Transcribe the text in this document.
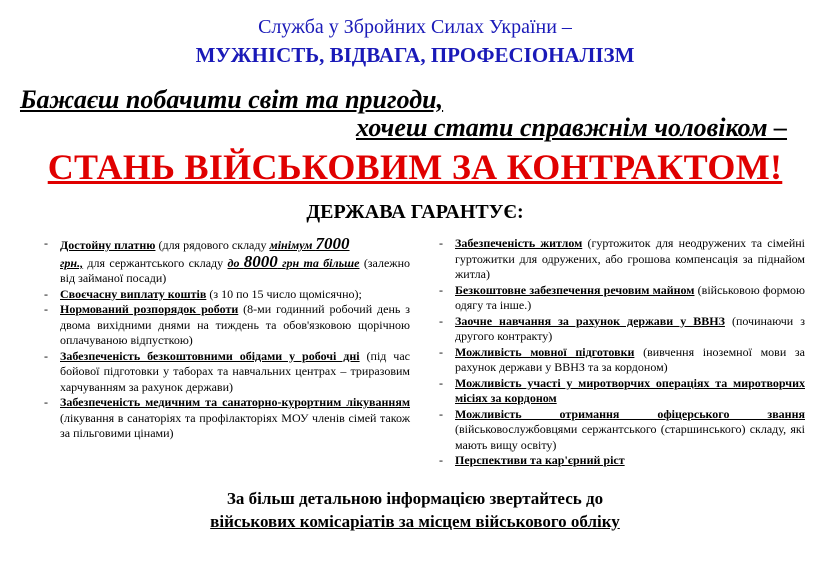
Служба у Збройних Силах України –
МУЖНІСТЬ, ВІДВАГА, ПРОФЕСІОНАЛІЗМ
Бажаєш побачити світ та пригоди,
хочеш стати справжнім чоловіком –
СТАНЬ ВІЙСЬКОВИМ ЗА КОНТРАКТОМ!
ДЕРЖАВА ГАРАНТУЄ:
- Достойну платню (для рядового складу мінімум 7000
грн., для сержантського складу до 8000 грн та більше (залежно від займаної посади)
- Своєчасну виплату коштів (з 10 по 15 число щомісячно);
- Нормований розпорядок роботи (8-ми годинний робочий день з двома вихідними днями на тиждень та обов'язковою щорічною оплачуваною відпусткою)
- Забезпеченість безкоштовними обідами у робочі дні (під час бойової підготовки у таборах та навчальних центрах – триразовим харчуванням за рахунок держави)
- Забезпеченість медичним та санаторно-курортним лікуванням (лікування в санаторіях та профілакторіях МОУ членів сімей також за пільговими цінами)
- Забезпеченість житлом (гуртожиток для неодружених та сімейні гуртожитки для одружених, або грошова компенсація за піднайом житла)
- Безкоштовне забезпечення речовим майном (військовою формою одягу та інше.)
- Заочне навчання за рахунок держави у ВВНЗ (починаючи з другого контракту)
- Можливість мовної підготовки (вивчення іноземної мови за рахунок держави у ВВНЗ та за кордоном)
- Можливість участі у миротворчих операціях та миротворчих місіях за кордоном
- Можливість отримання офіцерського звання (військовослужбовцями сержантського (старшинського) складу, які мають вищу освіту)
- Перспективи та кар'єрний ріст
За більш детальною інформацією звертайтесь до
військових комісаріатів за місцем військового обліку
